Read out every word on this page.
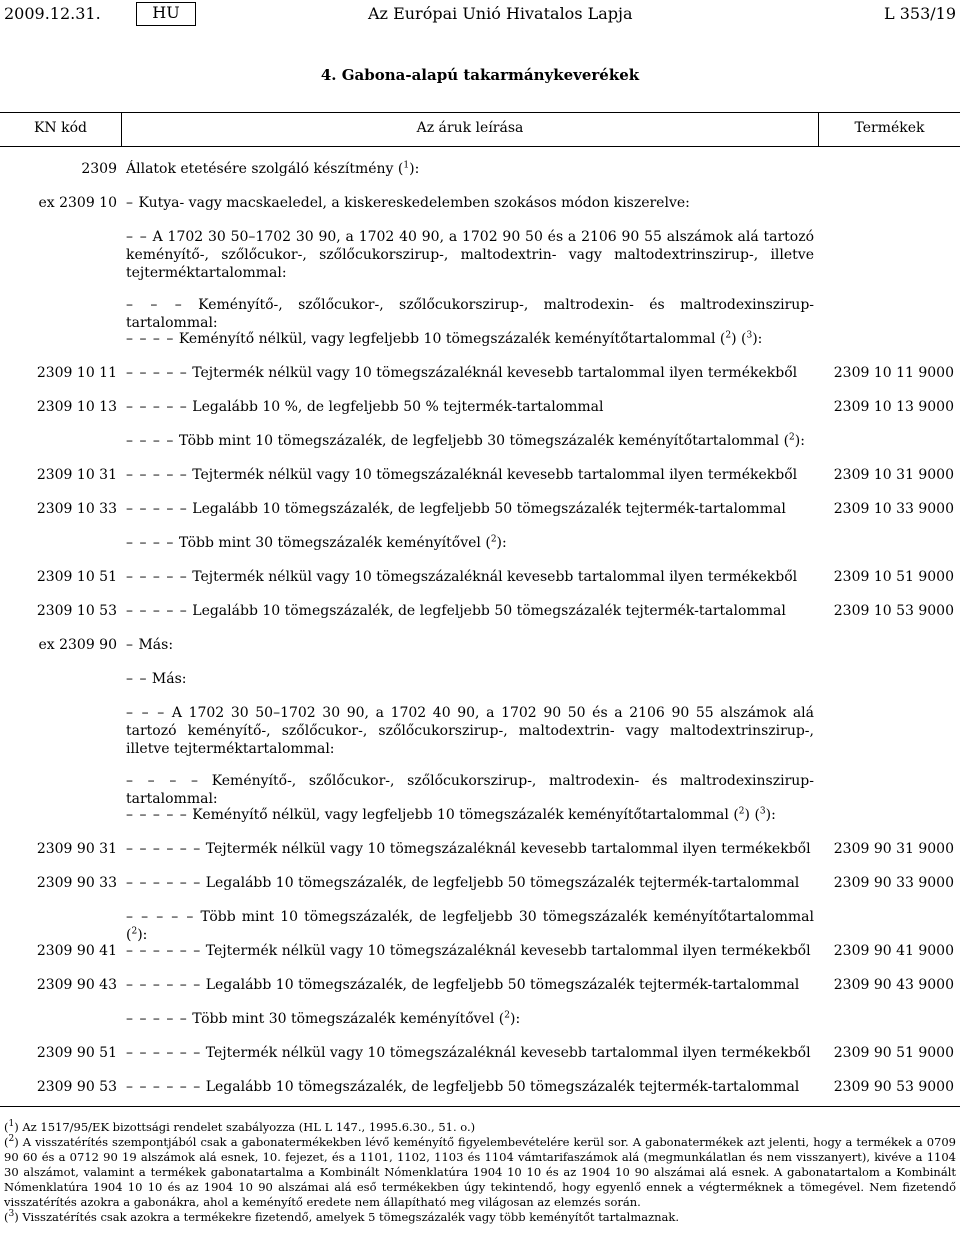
2009.12.31.	HU	Az Európai Unió Hivatalos Lapja	L 353/19
4. Gabona-alapú takarmánykeverékek
KN kód	Az áruk leírása	Termékek
2309 Állatok etetésére szolgáló készítmény ($^1$):
ex 2309 10 – Kutya- vagy macskaeledel, a kiskereskedelemben szokásos módon kiszerelve:
– – A 1702 30 50–1702 30 90, a 1702 40 90, a 1702 90 50 és a 2106 90 55 alszámok alá tartozó keményítő-, szőlőcukor-, szőlőcukorszirup-, maltodextrin- vagy maltodextrinszirup-, illetve tejterméktartalommal:
– – – Keményítő-, szőlőcukor-, szőlőcukorszirup-, maltrodexin- és maltrodexinszirup-tartalommal:
– – – – Keményítő nélkül, vagy legfeljebb 10 tömegszázalék keményítőtartalommal ($^2$) ($^3$):
2309 10 11 – – – – – Tejtermék nélkül vagy 10 tömegszázaléknál kevesebb tartalommal ilyen termékekből	2309 10 11 9000
2309 10 13 – – – – – Legalább 10 %, de legfeljebb 50 % tejtermék-tartalommal	2309 10 13 9000
– – – – Több mint 10 tömegszázalék, de legfeljebb 30 tömegszázalék keményítőtartalommal ($^2$):
2309 10 31 – – – – – Tejtermék nélkül vagy 10 tömegszázaléknál kevesebb tartalommal ilyen termékekből	2309 10 31 9000
2309 10 33 – – – – – Legalább 10 tömegszázalék, de legfeljebb 50 tömegszázalék tejtermék-tartalommal	2309 10 33 9000
– – – – Több mint 30 tömegszázalék keményítővel ($^2$):
2309 10 51 – – – – – Tejtermék nélkül vagy 10 tömegszázaléknál kevesebb tartalommal ilyen termékekből	2309 10 51 9000
2309 10 53 – – – – – Legalább 10 tömegszázalék, de legfeljebb 50 tömegszázalék tejtermék-tartalommal	2309 10 53 9000
ex 2309 90 – Más:
– – Más:
– – – A 1702 30 50–1702 30 90, a 1702 40 90, a 1702 90 50 és a 2106 90 55 alszámok alá tartozó keményítő-, szőlőcukor-, szőlőcukorszirup-, maltodextrin- vagy maltodextrinszirup-, illetve tejterméktartalommal:
– – – – Keményítő-, szőlőcukor-, szőlőcukorszirup-, maltrodexin- és maltrodexinszirup-tartalommal:
– – – – – Keményítő nélkül, vagy legfeljebb 10 tömegszázalék keményítőtartalommal ($^2$) ($^3$):
2309 90 31 – – – – – – Tejtermék nélkül vagy 10 tömegszázaléknál kevesebb tartalommal ilyen termékekből	2309 90 31 9000
2309 90 33 – – – – – – Legalább 10 tömegszázalék, de legfeljebb 50 tömegszázalék tejtermék-tartalommal	2309 90 33 9000
– – – – – Több mint 10 tömegszázalék, de legfeljebb 30 tömegszázalék keményítőtartalommal ($^2$):
2309 90 41 – – – – – – Tejtermék nélkül vagy 10 tömegszázaléknál kevesebb tartalommal ilyen termékekből	2309 90 41 9000
2309 90 43 – – – – – – Legalább 10 tömegszázalék, de legfeljebb 50 tömegszázalék tejtermék-tartalommal	2309 90 43 9000
– – – – – Több mint 30 tömegszázalék keményítővel ($^2$):
2309 90 51 – – – – – – Tejtermék nélkül vagy 10 tömegszázaléknál kevesebb tartalommal ilyen termékekből	2309 90 51 9000
2309 90 53 – – – – – – Legalább 10 tömegszázalék, de legfeljebb 50 tömegszázalék tejtermék-tartalommal	2309 90 53 9000

($^1$) Az 1517/95/EK bizottsági rendelet szabályozza (HL L 147., 1995.6.30., 51. o.)

($^2$) A visszatérítés szempontjából csak a gabonatermékekben lévő keményítő figyelembevételére kerül sor. A gabonatermékek azt jelenti, hogy a termékek a 0709 90 60 és a 0712 90 19 alszámok alá esnek, 10. fejezet, és a 1101, 1102, 1103 és 1104 vámtarifaszámok alá (megmunkálatlan és nem visszanyert), kivéve a 1104 30 alszámot, valamint a termékek gabonatartalma a Kombinált Nómenklatúra 1904 10 10 és az 1904 10 90 alszámai alá esnek. A gabonatartalom a Kombinált Nómenklatúra 1904 10 10 és az 1904 10 90 alszámai alá eső termékekben úgy tekintendő, hogy egyenlő ennek a végterméknek a tömegével. Nem fizetendő visszatérítés azokra a gabonákra, ahol a keményítő eredete nem állapítható meg világosan az elemzés során.

($^3$) Visszatérítés csak azokra a termékekre fizetendő, amelyek 5 tömegszázalék vagy több keményítőt tartalmaznak.
